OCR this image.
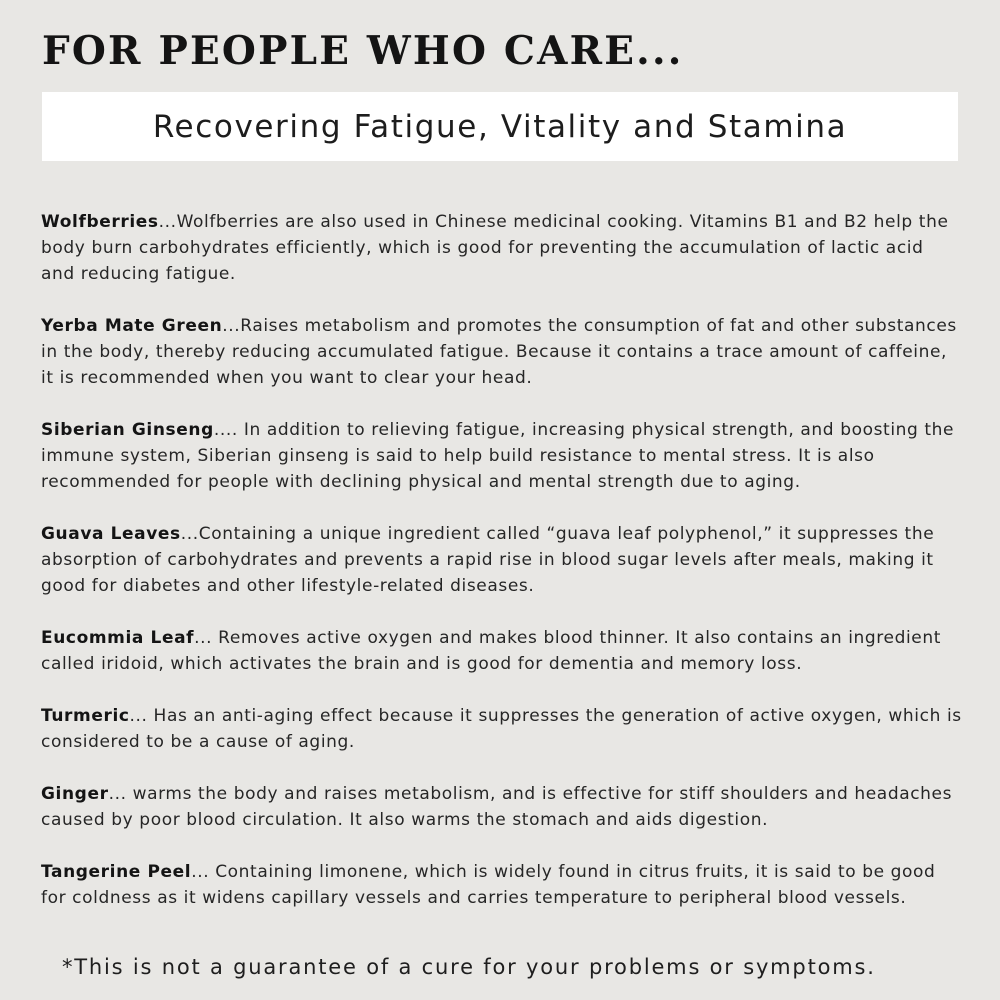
FOR PEOPLE WHO CARE...
Recovering Fatigue, Vitality and Stamina
Wolfberries...Wolfberries are also used in Chinese medicinal cooking. Vitamins B1 and B2 help the body burn carbohydrates efficiently, which is good for preventing the accumulation of lactic acid and reducing fatigue.
Yerba Mate Green...Raises metabolism and promotes the consumption of fat and other substances in the body, thereby reducing accumulated fatigue. Because it contains a trace amount of caffeine, it is recommended when you want to clear your head.
Siberian Ginseng.... In addition to relieving fatigue, increasing physical strength, and boosting the immune system, Siberian ginseng is said to help build resistance to mental stress. It is also recommended for people with declining physical and mental strength due to aging.
Guava Leaves...Containing a unique ingredient called “guava leaf polyphenol,” it suppresses the absorption of carbohydrates and prevents a rapid rise in blood sugar levels after meals, making it good for diabetes and other lifestyle-related diseases.
Eucommia Leaf... Removes active oxygen and makes blood thinner. It also contains an ingredient called iridoid, which activates the brain and is good for dementia and memory loss.
Turmeric... Has an anti-aging effect because it suppresses the generation of active oxygen, which is considered to be a cause of aging.
Ginger... warms the body and raises metabolism, and is effective for stiff shoulders and headaches caused by poor blood circulation. It also warms the stomach and aids digestion.
Tangerine Peel... Containing limonene, which is widely found in citrus fruits, it is said to be good for coldness as it widens capillary vessels and carries temperature to peripheral blood vessels.

*This is not a guarantee of a cure for your problems or symptoms.
